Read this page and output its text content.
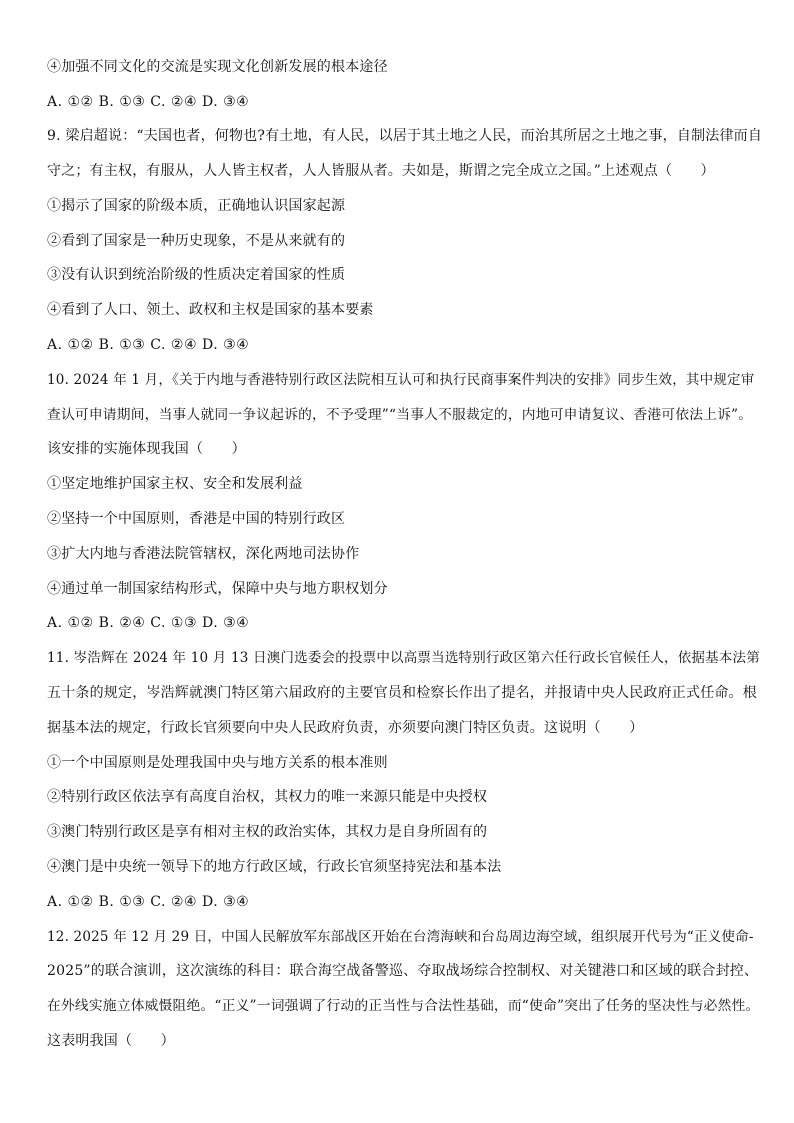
④加强不同文化的交流是实现文化创新发展的根本途径
A. ①② B. ①③ C. ②④ D. ③④
9. 梁启超说：“夫国也者，何物也?有土地，有人民，以居于其土地之人民，而治其所居之土地之事，自制法律而自
守之；有主权，有服从，人人皆主权者，人人皆服从者。夫如是，斯谓之完全成立之国。”上述观点（　　）
①揭示了国家的阶级本质，正确地认识国家起源
②看到了国家是一种历史现象，不是从来就有的
③没有认识到统治阶级的性质决定着国家的性质
④看到了人口、领土、政权和主权是国家的基本要素
A. ①② B. ①③ C. ②④ D. ③④
10. 2024 年 1 月，《关于内地与香港特别行政区法院相互认可和执行民商事案件判决的安排》同步生效，其中规定审
查认可申请期间，当事人就同一争议起诉的，不予受理”“当事人不服裁定的，内地可申请复议、香港可依法上诉”。
该安排的实施体现我国（　　）
①坚定地维护国家主权、安全和发展利益
②坚持一个中国原则，香港是中国的特别行政区
③扩大内地与香港法院管辖权，深化两地司法协作
④通过单一制国家结构形式，保障中央与地方职权划分
A. ①② B. ②④ C. ①③ D. ③④
11. 岑浩辉在 2024 年 10 月 13 日澳门选委会的投票中以高票当选特别行政区第六任行政长官候任人，依据基本法第
五十条的规定，岑浩辉就澳门特区第六届政府的主要官员和检察长作出了提名，并报请中央人民政府正式任命。根
据基本法的规定，行政长官须要向中央人民政府负责，亦须要向澳门特区负责。这说明（　　）
①一个中国原则是处理我国中央与地方关系的根本准则
②特别行政区依法享有高度自治权，其权力的唯一来源只能是中央授权
③澳门特别行政区是享有相对主权的政治实体，其权力是自身所固有的
④澳门是中央统一领导下的地方行政区域，行政长官须坚持宪法和基本法
A. ①② B. ①③ C. ②④ D. ③④
12. 2025 年 12 月 29 日，中国人民解放军东部战区开始在台湾海峡和台岛周边海空域，组织展开代号为“正义使命-
2025”的联合演训，这次演练的科目：联合海空战备警巡、夺取战场综合控制权、对关键港口和区域的联合封控、
在外线实施立体威慑阻绝。“正义”一词强调了行动的正当性与合法性基础，而“使命”突出了任务的坚决性与必然性。
这表明我国（　　）
